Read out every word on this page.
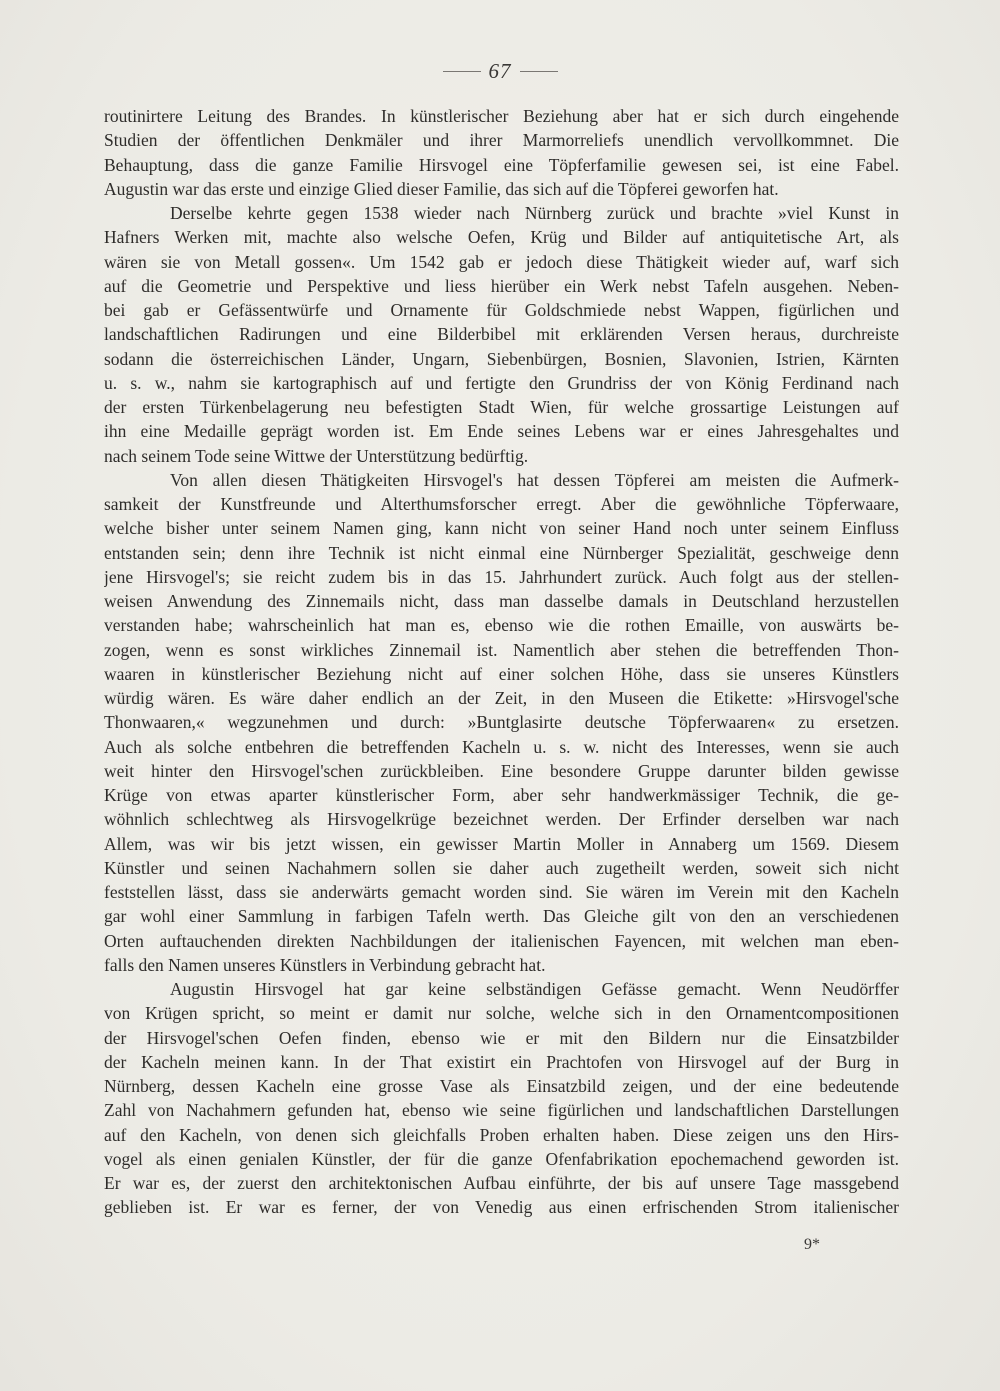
67
routinirtere Leitung des Brandes. In künstlerischer Beziehung aber hat er sich durch eingehende
Studien der öffentlichen Denkmäler und ihrer Marmorreliefs unendlich vervollkommnet. Die
Behauptung, dass die ganze Familie Hirsvogel eine Töpferfamilie gewesen sei, ist eine Fabel.
Augustin war das erste und einzige Glied dieser Familie, das sich auf die Töpferei geworfen hat.
Derselbe kehrte gegen 1538 wieder nach Nürnberg zurück und brachte »viel Kunst in
Hafners Werken mit, machte also welsche Oefen, Krüg und Bilder auf antiquitetische Art, als
wären sie von Metall gossen«. Um 1542 gab er jedoch diese Thätigkeit wieder auf, warf sich
auf die Geometrie und Perspektive und liess hierüber ein Werk nebst Tafeln ausgehen. Neben-
bei gab er Gefässentwürfe und Ornamente für Goldschmiede nebst Wappen, figürlichen und
landschaftlichen Radirungen und eine Bilderbibel mit erklärenden Versen heraus, durchreiste
sodann die österreichischen Länder, Ungarn, Siebenbürgen, Bosnien, Slavonien, Istrien, Kärnten
u. s. w., nahm sie kartographisch auf und fertigte den Grundriss der von König Ferdinand nach
der ersten Türkenbelagerung neu befestigten Stadt Wien, für welche grossartige Leistungen auf
ihn eine Medaille geprägt worden ist. Em Ende seines Lebens war er eines Jahresgehaltes und
nach seinem Tode seine Wittwe der Unterstützung bedürftig.
Von allen diesen Thätigkeiten Hirsvogel's hat dessen Töpferei am meisten die Aufmerk-
samkeit der Kunstfreunde und Alterthumsforscher erregt. Aber die gewöhnliche Töpferwaare,
welche bisher unter seinem Namen ging, kann nicht von seiner Hand noch unter seinem Einfluss
entstanden sein; denn ihre Technik ist nicht einmal eine Nürnberger Spezialität, geschweige denn
jene Hirsvogel's; sie reicht zudem bis in das 15. Jahrhundert zurück. Auch folgt aus der stellen-
weisen Anwendung des Zinnemails nicht, dass man dasselbe damals in Deutschland herzustellen
verstanden habe; wahrscheinlich hat man es, ebenso wie die rothen Emaille, von auswärts be-
zogen, wenn es sonst wirkliches Zinnemail ist. Namentlich aber stehen die betreffenden Thon-
waaren in künstlerischer Beziehung nicht auf einer solchen Höhe, dass sie unseres Künstlers
würdig wären. Es wäre daher endlich an der Zeit, in den Museen die Etikette: »Hirsvogel'sche
Thonwaaren,« wegzunehmen und durch: »Buntglasirte deutsche Töpferwaaren« zu ersetzen.
Auch als solche entbehren die betreffenden Kacheln u. s. w. nicht des Interesses, wenn sie auch
weit hinter den Hirsvogel'schen zurückbleiben. Eine besondere Gruppe darunter bilden gewisse
Krüge von etwas aparter künstlerischer Form, aber sehr handwerkmässiger Technik, die ge-
wöhnlich schlechtweg als Hirsvogelkrüge bezeichnet werden. Der Erfinder derselben war nach
Allem, was wir bis jetzt wissen, ein gewisser Martin Moller in Annaberg um 1569. Diesem
Künstler und seinen Nachahmern sollen sie daher auch zugetheilt werden, soweit sich nicht
feststellen lässt, dass sie anderwärts gemacht worden sind. Sie wären im Verein mit den Kacheln
gar wohl einer Sammlung in farbigen Tafeln werth. Das Gleiche gilt von den an verschiedenen
Orten auftauchenden direkten Nachbildungen der italienischen Fayencen, mit welchen man eben-
falls den Namen unseres Künstlers in Verbindung gebracht hat.
Augustin Hirsvogel hat gar keine selbständigen Gefässe gemacht. Wenn Neudörffer
von Krügen spricht, so meint er damit nur solche, welche sich in den Ornamentcompositionen
der Hirsvogel'schen Oefen finden, ebenso wie er mit den Bildern nur die Einsatzbilder
der Kacheln meinen kann. In der That existirt ein Prachtofen von Hirsvogel auf der Burg in
Nürnberg, dessen Kacheln eine grosse Vase als Einsatzbild zeigen, und der eine bedeutende
Zahl von Nachahmern gefunden hat, ebenso wie seine figürlichen und landschaftlichen Darstellungen
auf den Kacheln, von denen sich gleichfalls Proben erhalten haben. Diese zeigen uns den Hirs-
vogel als einen genialen Künstler, der für die ganze Ofenfabrikation epochemachend geworden ist.
Er war es, der zuerst den architektonischen Aufbau einführte, der bis auf unsere Tage massgebend
geblieben ist. Er war es ferner, der von Venedig aus einen erfrischenden Strom italienischer
9*
